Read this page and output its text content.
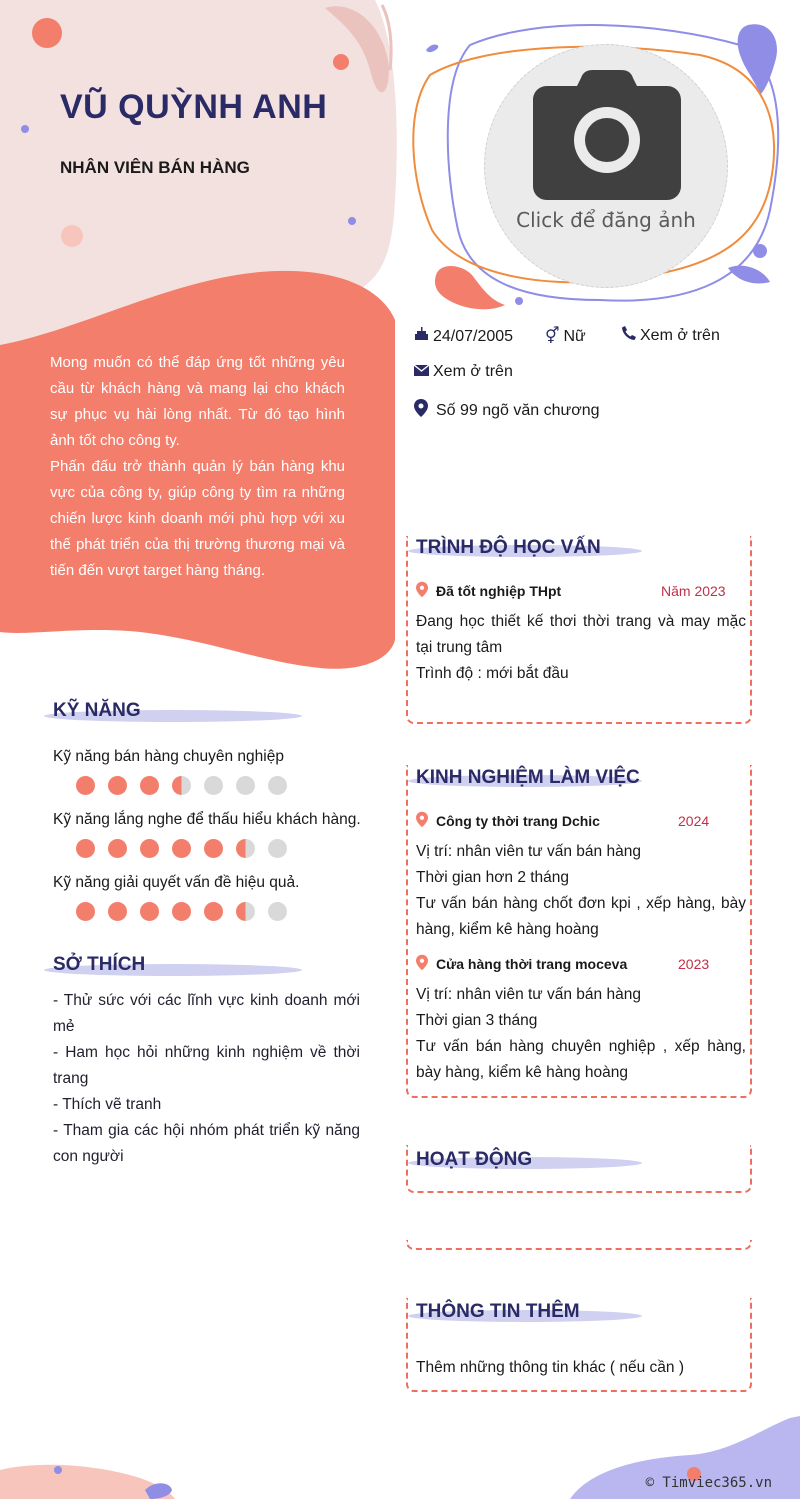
VŨ QUỲNH ANH
NHÂN VIÊN BÁN HÀNG
Click để đăng ảnh

Mong muốn có thể đáp ứng tốt những yêu cầu từ khách hàng và mang lại cho khách sự phục vụ hài lòng nhất. Từ đó tạo hình ảnh tốt cho công ty.

Phấn đấu trở thành quản lý bán hàng khu vực của công ty, giúp công ty tìm ra những chiến lược kinh doanh mới phù hợp với xu thế phát triển của thị trường thương mại và tiến đến vượt target hàng tháng.

24/07/2005 ⚥ Nữ	Xem ở trên
Xem ở trên
Số 99 ngõ văn chương
KỸ NĂNG
Kỹ năng bán hàng chuyên nghiệp
Kỹ năng lắng nghe để thấu hiểu khách hàng.
Kỹ năng giải quyết vấn đề hiệu quả.
SỞ THÍCH

- Thử sức với các lĩnh vực kinh doanh mới mẻ

- Ham học hỏi những kinh nghiệm về thời trang

- Thích vẽ tranh

- Tham gia các hội nhóm phát triển kỹ năng con người

TRÌNH ĐỘ HỌC VẤN
Đã tốt nghiệp THpt	Năm 2023

Đang học thiết kế thơi thời trang và may mặc tại trung tâm

Trình độ : mới bắt đầu

KINH NGHIỆM LÀM VIỆC
Công ty thời trang Dchic	2024

Vị trí: nhân viên tư vấn bán hàng

Thời gian hơn 2 tháng

Tư vấn bán hàng chốt đơn kpi , xếp hàng, bày hàng, kiểm kê hàng hoàng

Cửa hàng thời trang moceva	2023

Vị trí: nhân viên tư vấn bán hàng

Thời gian 3 tháng

Tư vấn bán hàng chuyên nghiệp , xếp hàng, bày hàng, kiểm kê hàng hoàng

HOẠT ĐỘNG
THÔNG TIN THÊM
Thêm những thông tin khác ( nếu cần )
© Timviec365.vn
